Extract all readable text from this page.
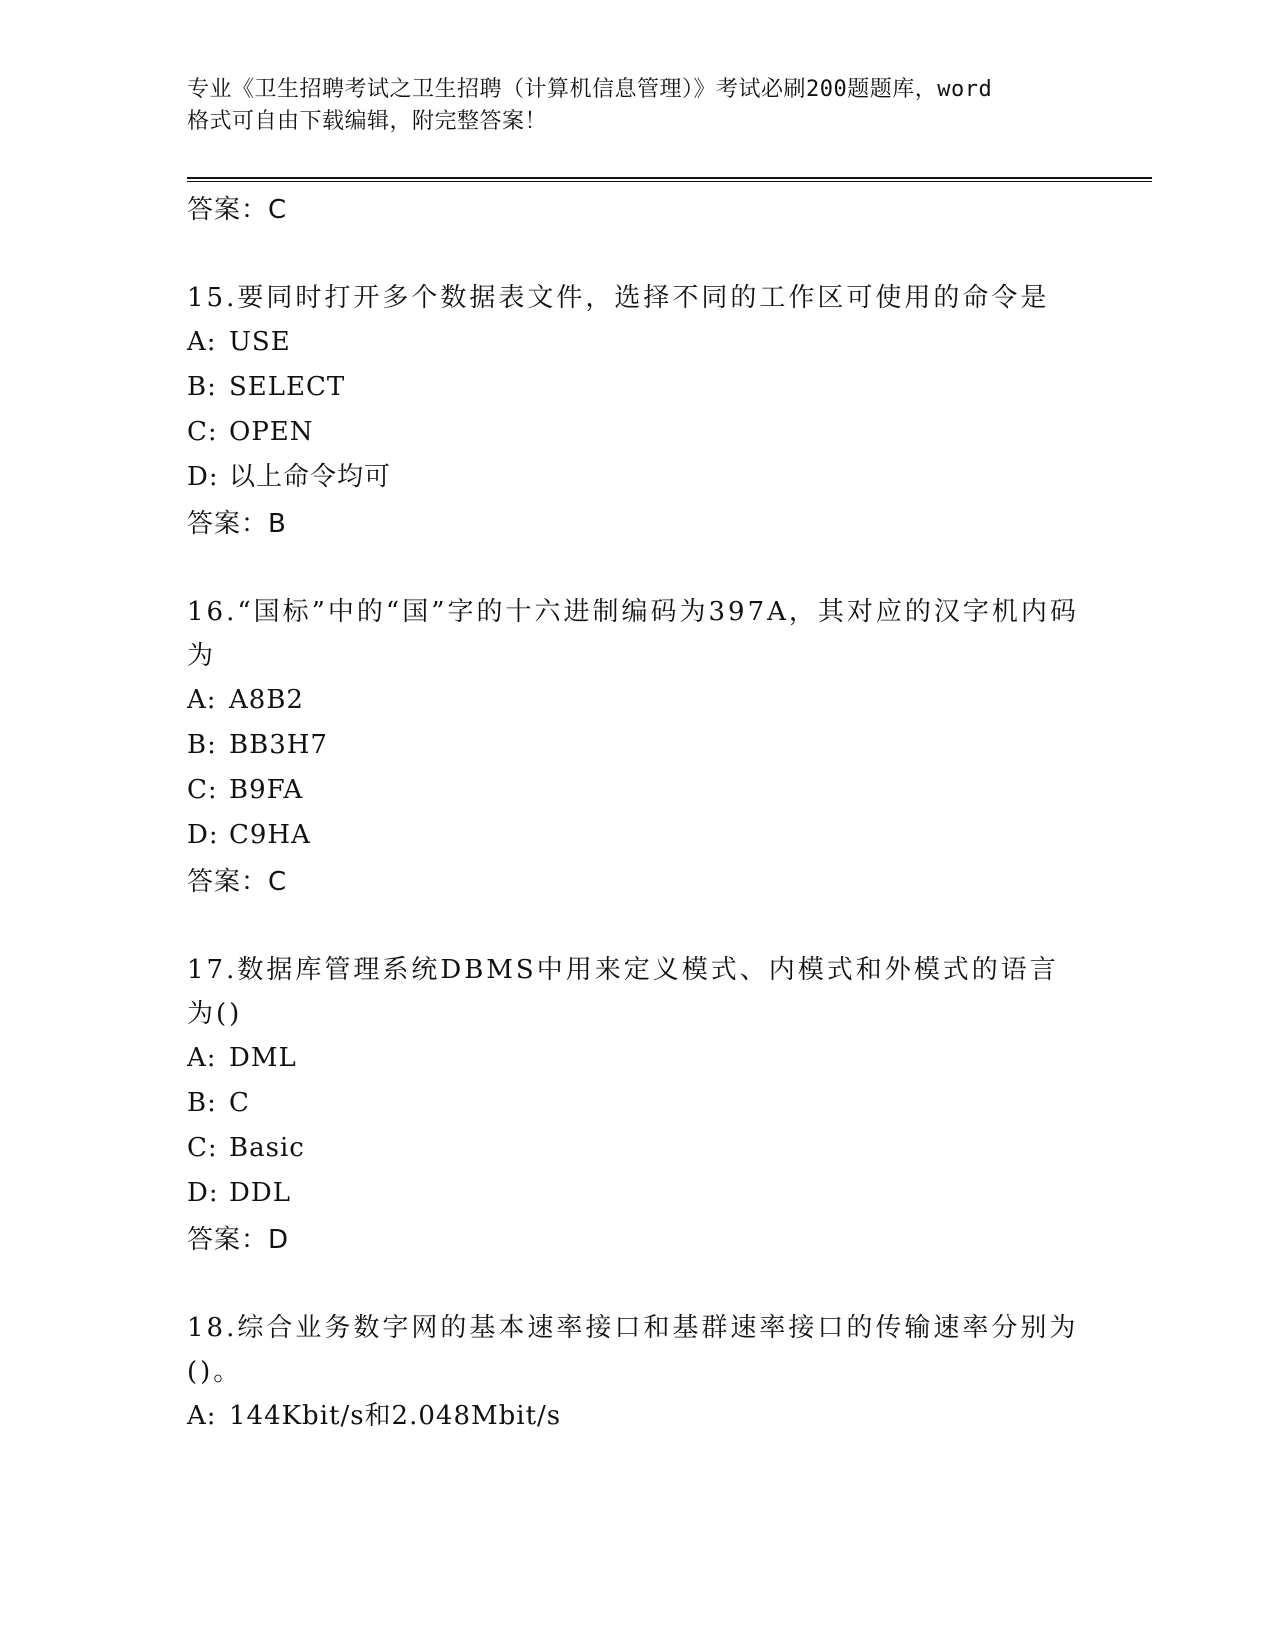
专业《卫生招聘考试之卫生招聘（计算机信息管理）》考试必刷200题题库，word
格式可自由下载编辑，附完整答案！
答案：C
15.要同时打开多个数据表文件，选择不同的工作区可使用的命令是
A: USE
B: SELECT
C: OPEN
D: 以上命令均可
答案：B
16.“国标”中的“国”字的十六进制编码为397A，其对应的汉字机内码为
A: A8B2
B: BB3H7
C: B9FA
D: C9HA
答案：C
17.数据库管理系统DBMS中用来定义模式、内模式和外模式的语言为()
A: DML
B: C
C: Basic
D: DDL
答案：D
18.综合业务数字网的基本速率接口和基群速率接口的传输速率分别为()。
A: 144Kbit/s和2.048Mbit/s
